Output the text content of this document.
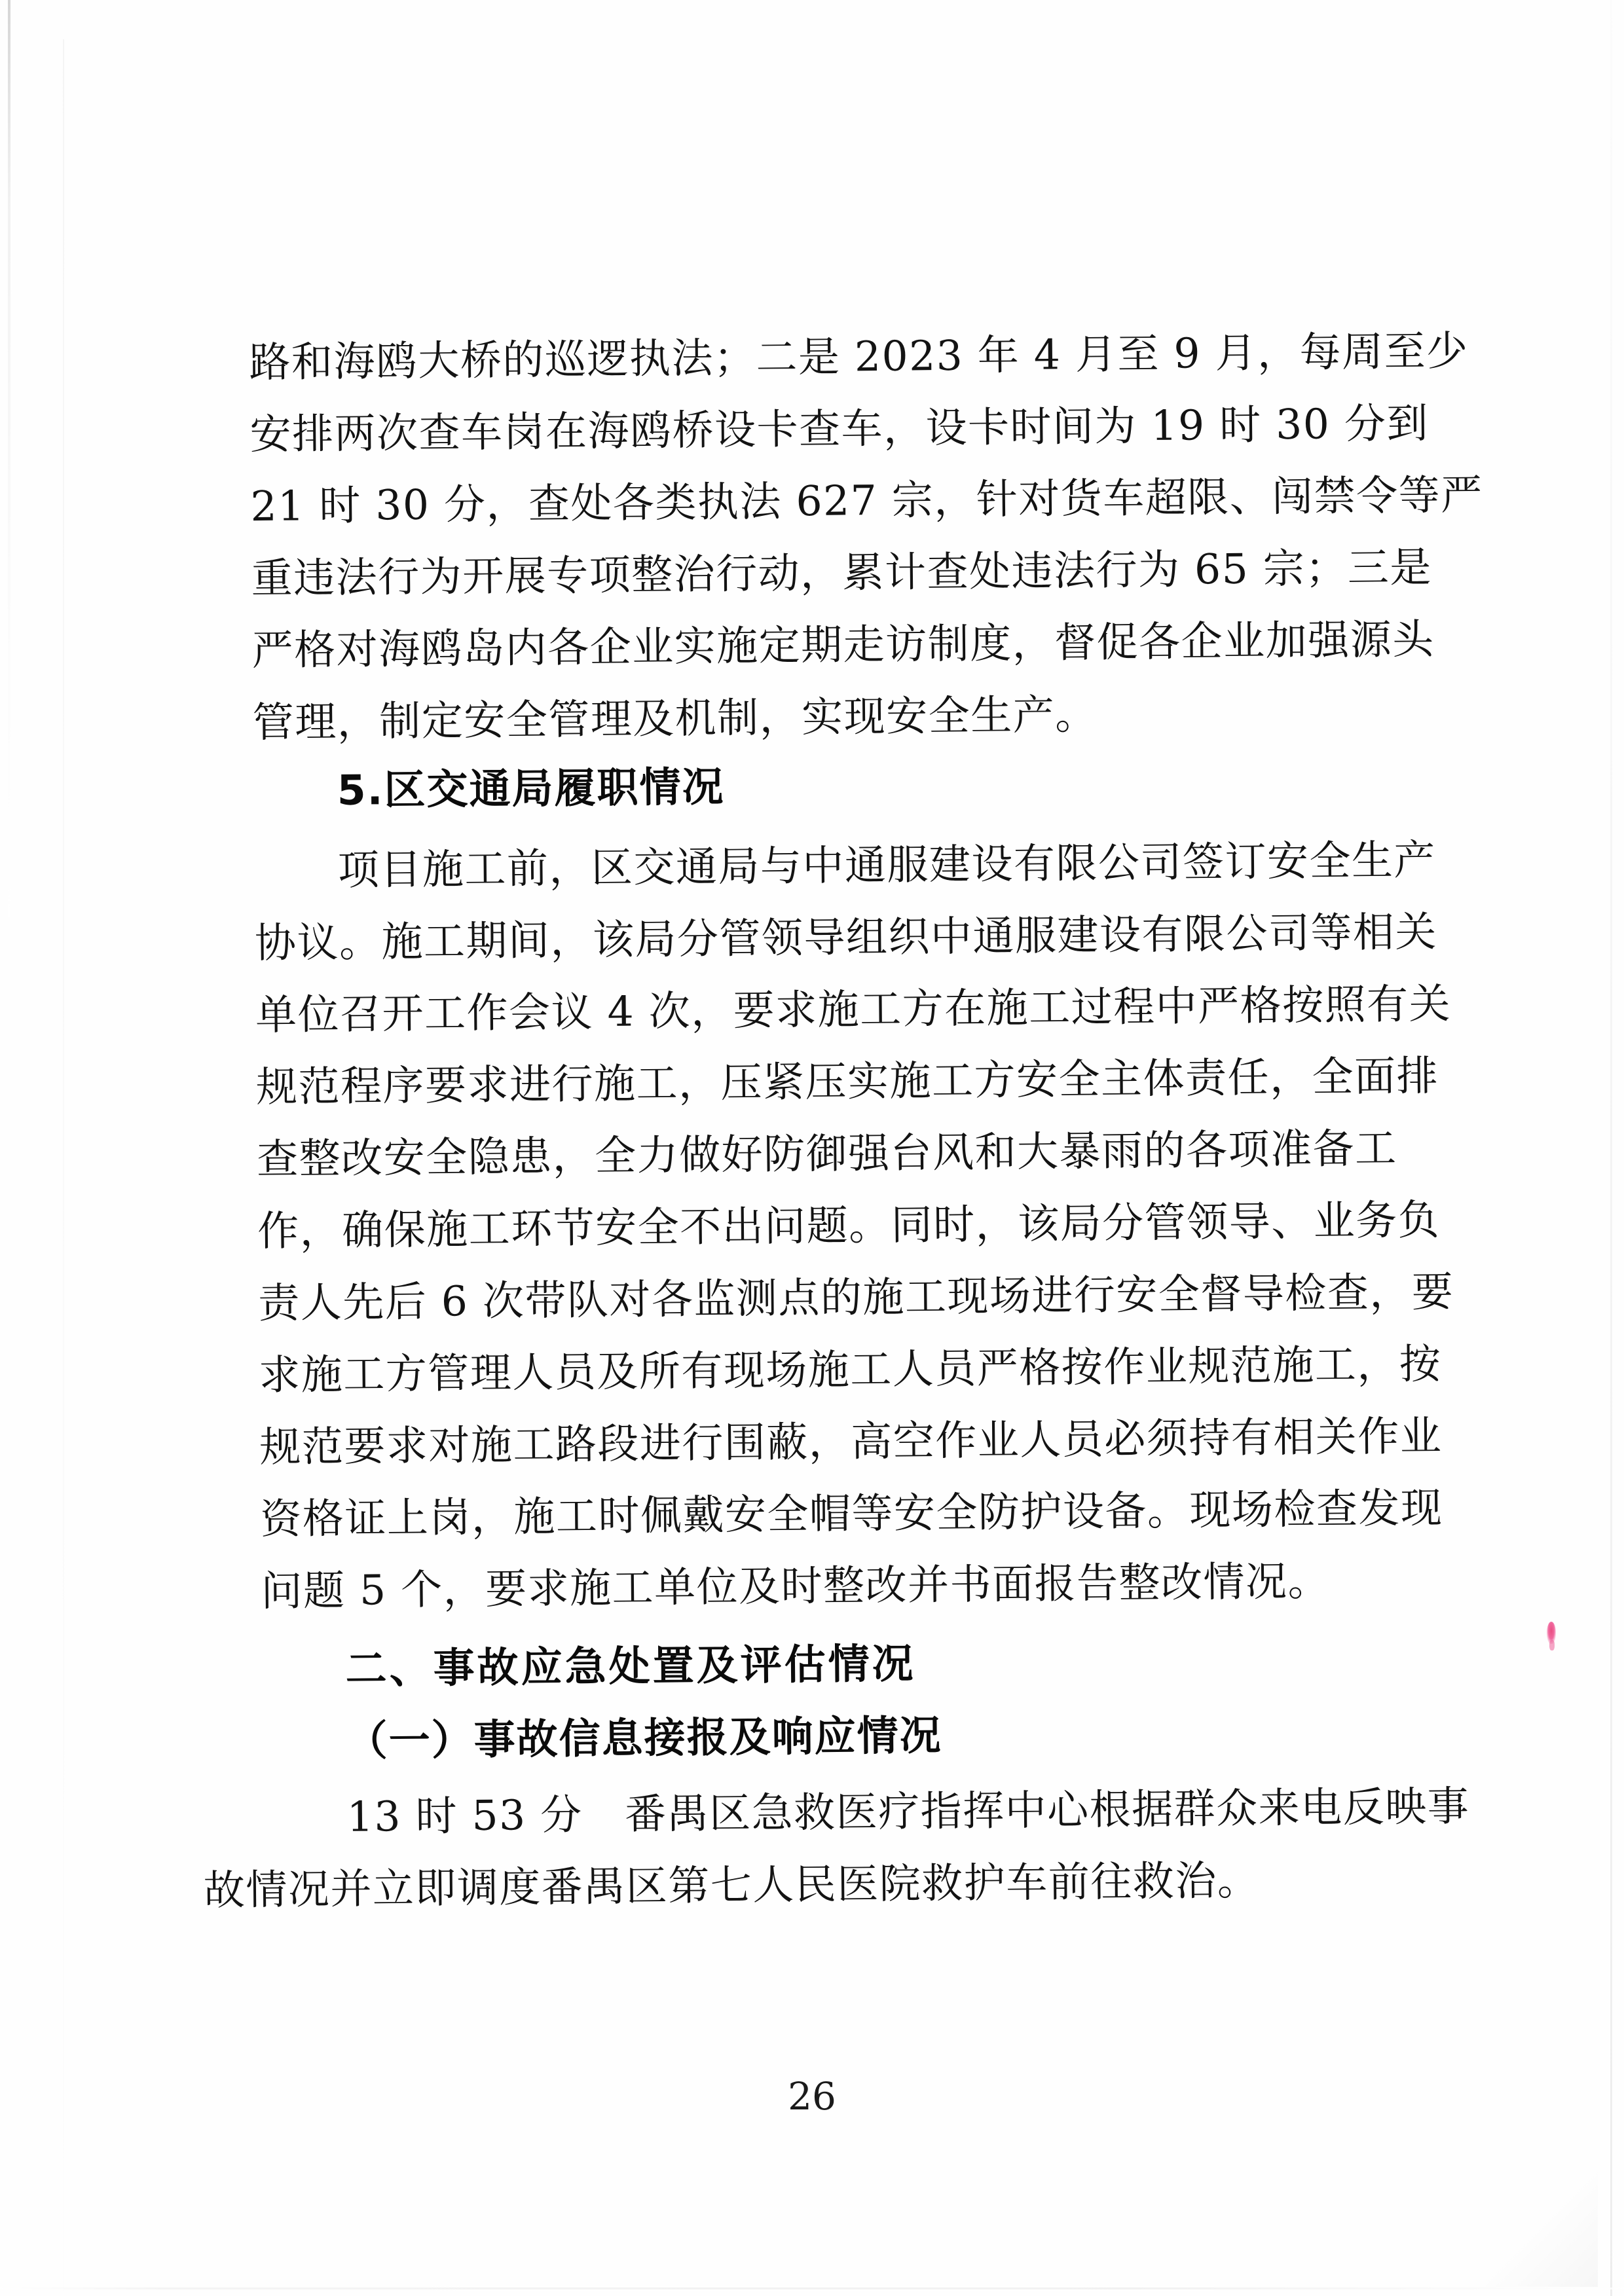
路和海鸥大桥的巡逻执法；二是 2023 年 4 月至 9 月，每周至少
安排两次查车岗在海鸥桥设卡查车，设卡时间为 19 时 30 分到
21 时 30 分，查处各类执法 627 宗，针对货车超限、闯禁令等严
重违法行为开展专项整治行动，累计查处违法行为 65 宗；三是
严格对海鸥岛内各企业实施定期走访制度，督促各企业加强源头
管理，制定安全管理及机制，实现安全生产。
5.区交通局履职情况
项目施工前，区交通局与中通服建设有限公司签订安全生产
协议。施工期间，该局分管领导组织中通服建设有限公司等相关
单位召开工作会议 4 次，要求施工方在施工过程中严格按照有关
规范程序要求进行施工，压紧压实施工方安全主体责任，全面排
查整改安全隐患，全力做好防御强台风和大暴雨的各项准备工
作，确保施工环节安全不出问题。同时，该局分管领导、业务负
责人先后 6 次带队对各监测点的施工现场进行安全督导检查，要
求施工方管理人员及所有现场施工人员严格按作业规范施工，按
规范要求对施工路段进行围蔽，高空作业人员必须持有相关作业
资格证上岗，施工时佩戴安全帽等安全防护设备。现场检查发现
问题 5 个，要求施工单位及时整改并书面报告整改情况。
二、事故应急处置及评估情况
（一）事故信息接报及响应情况
13 时 53 分　番禺区急救医疗指挥中心根据群众来电反映事
故情况并立即调度番禺区第七人民医院救护车前往救治。
26
